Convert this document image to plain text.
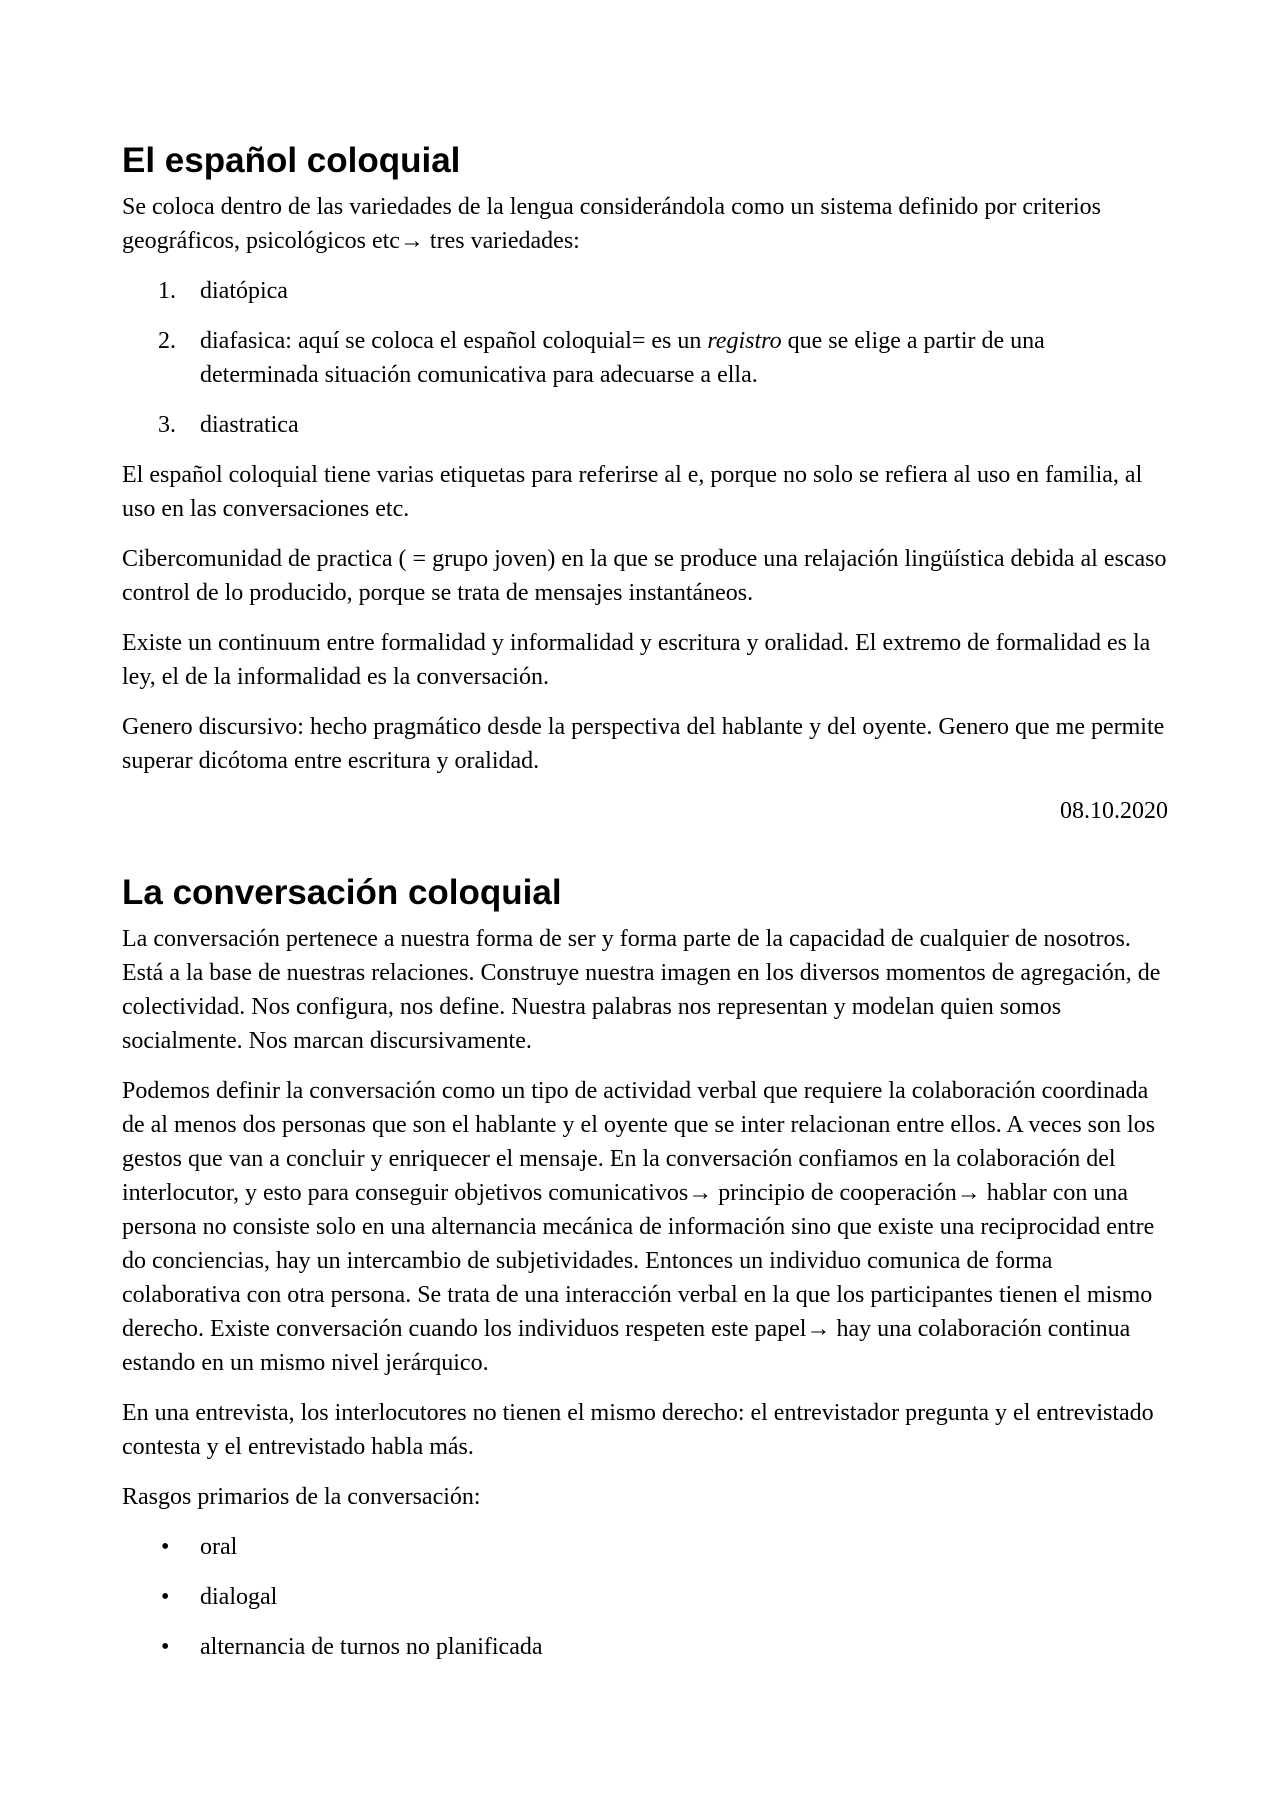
El español coloquial

Se coloca dentro de las variedades de la lengua considerándola como un sistema definido por criterios geográficos, psicológicos etc→ tres variedades:

1. diatópica
2. diafasica: aquí se coloca el español coloquial= es un registro que se elige a partir de una determinada situación comunicativa para adecuarse a ella.
3. diastratica

El español coloquial tiene varias etiquetas para referirse al e, porque no solo se refiera al uso en familia, al uso en las conversaciones etc.

Cibercomunidad de practica ( = grupo joven) en la que se produce una relajación lingüística debida al escaso control de lo producido, porque se trata de mensajes instantáneos.

Existe un continuum entre formalidad y informalidad y escritura y oralidad. El extremo de formalidad es la ley, el de la informalidad es la conversación.

Genero discursivo: hecho pragmático desde la perspectiva del hablante y del oyente. Genero que me permite superar dicótoma entre escritura y oralidad.

08.10.2020

La conversación coloquial

La conversación pertenece a nuestra forma de ser y forma parte de la capacidad de cualquier de nosotros. Está a la base de nuestras relaciones. Construye nuestra imagen en los diversos momentos de agregación, de colectividad. Nos configura, nos define. Nuestra palabras nos representan y modelan quien somos socialmente. Nos marcan discursivamente.

Podemos definir la conversación como un tipo de actividad verbal que requiere la colaboración coordinada de al menos dos personas que son el hablante y el oyente que se inter relacionan entre ellos. A veces son los gestos que van a concluir y enriquecer el mensaje. En la conversación confiamos en la colaboración del interlocutor, y esto para conseguir objetivos comunicativos→ principio de cooperación→ hablar con una persona no consiste solo en una alternancia mecánica de información sino que existe una reciprocidad entre do conciencias, hay un intercambio de subjetividades. Entonces un individuo comunica de forma colaborativa con otra persona. Se trata de una interacción verbal en la que los participantes tienen el mismo derecho. Existe conversación cuando los individuos respeten este papel→ hay una colaboración continua estando en un mismo nivel jerárquico.

En una entrevista, los interlocutores no tienen el mismo derecho: el entrevistador pregunta y el entrevistado contesta y el entrevistado habla más.

Rasgos primarios de la conversación:

• oral
• dialogal
• alternancia de turnos no planificada
